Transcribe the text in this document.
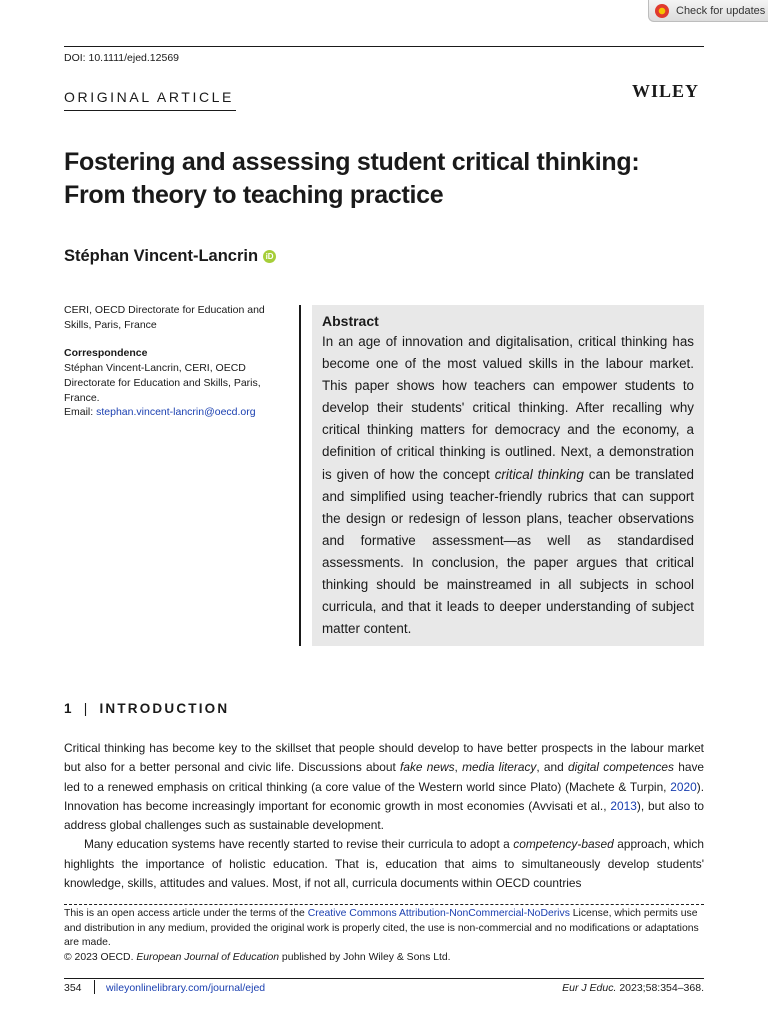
Check for updates
DOI: 10.1111/ejed.12569
ORIGINAL ARTICLE	WILEY
Fostering and assessing student critical thinking:
From theory to teaching practice
Stéphan Vincent-Lancrin iD

CERI, OECD Directorate for Education and
Skills, Paris, France

Correspondence
Stéphan Vincent-Lancrin, CERI, OECD
Directorate for Education and Skills, Paris,
France.
Email: stephan.vincent-lancrin@oecd.org

Abstract

In an age of innovation and digitalisation, critical thinking has become one of the most valued skills in the labour market. This paper shows how teachers can empower students to develop their students' critical thinking. After recalling why critical thinking matters for democracy and the economy, a definition of critical thinking is outlined. Next, a demonstration is given of how the concept critical thinking can be translated and simplified using teacher-friendly rubrics that can support the design or redesign of lesson plans, teacher observations and formative assessment—as well as standardised assessments. In conclusion, the paper argues that critical thinking should be mainstreamed in all subjects in school curricula, and that it leads to deeper understanding of subject matter content.

1 | INTRODUCTION

Critical thinking has become key to the skillset that people should develop to have better prospects in the labour market but also for a better personal and civic life. Discussions about fake news, media literacy, and digital competences have led to a renewed emphasis on critical thinking (a core value of the Western world since Plato) (Machete & Turpin, 2020). Innovation has become increasingly important for economic growth in most economies (Avvisati et al., 2013), but also to address global challenges such as sustainable development.

Many education systems have recently started to revise their curricula to adopt a competency-based approach, which highlights the importance of holistic education. That is, education that aims to simultaneously develop students' knowledge, skills, attitudes and values. Most, if not all, curricula documents within OECD countries

This is an open access article under the terms of the Creative Commons Attribution-NonCommercial-NoDerivs License, which permits use and distribution in any medium, provided the original work is properly cited, the use is non-commercial and no modifications or adaptations are made.

© 2023 OECD. European Journal of Education published by John Wiley & Sons Ltd.

354 wileyonlinelibrary.com/journal/ejed	Eur J Educ. 2023;58:354–368.
